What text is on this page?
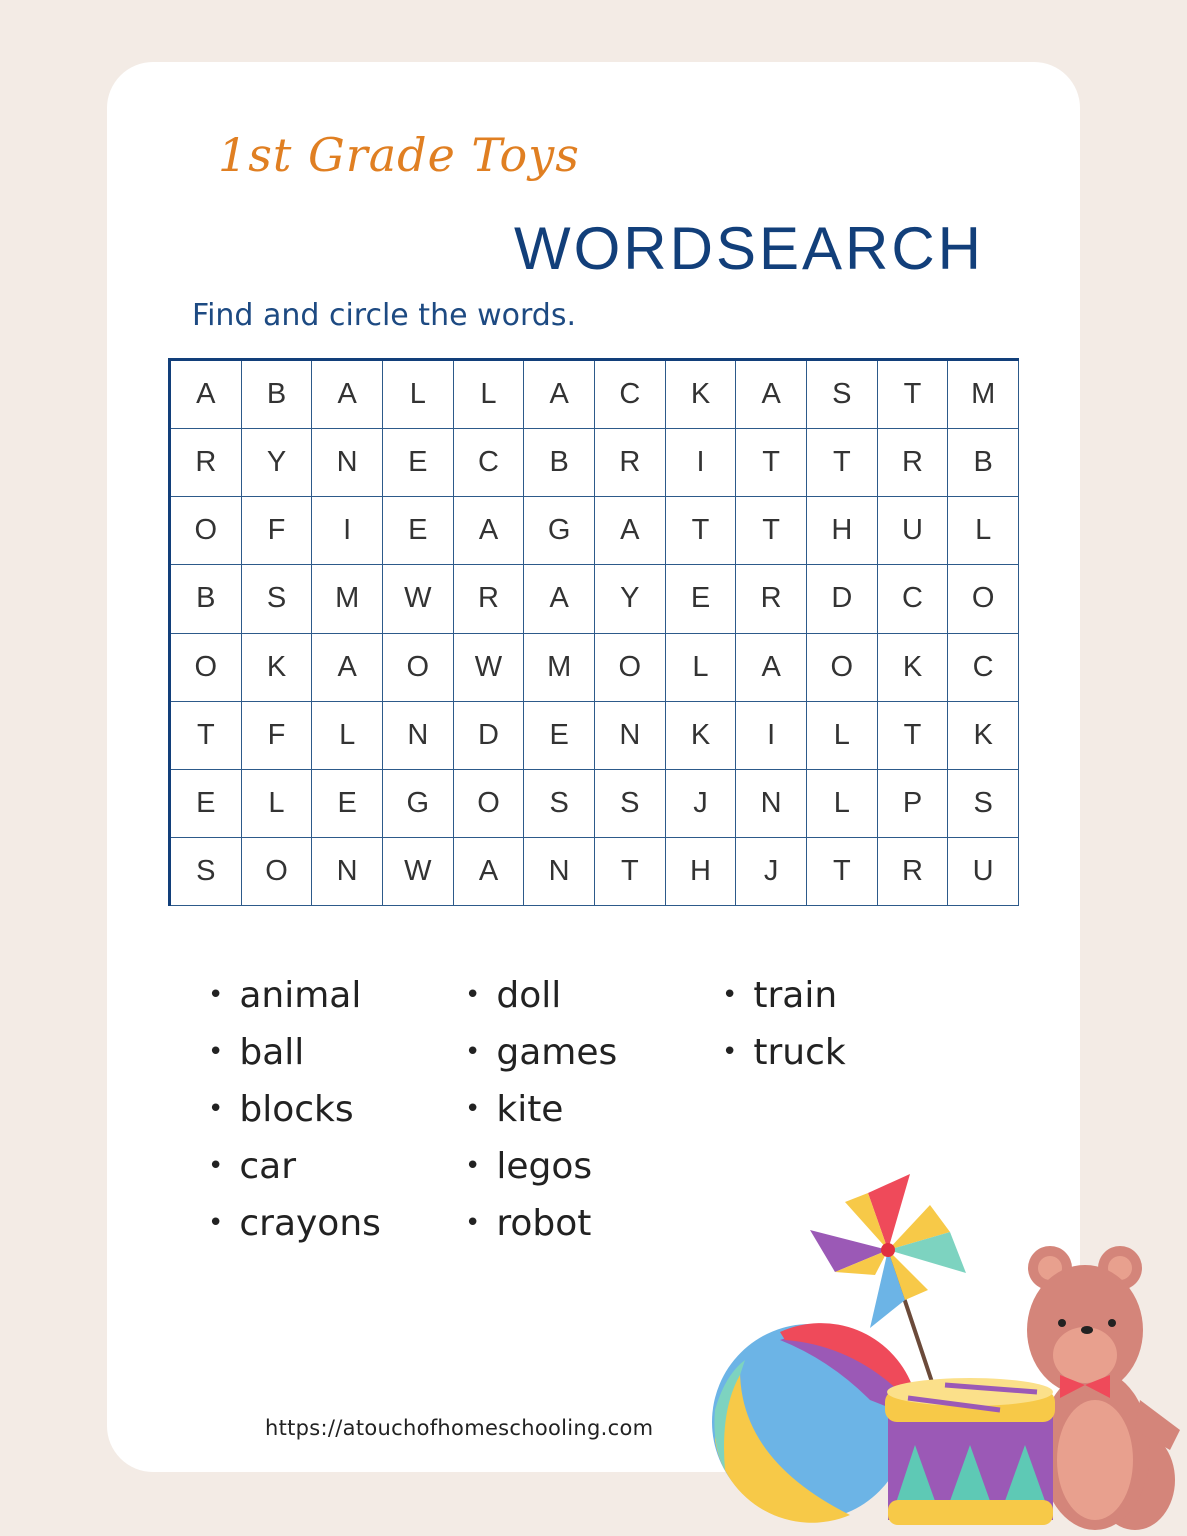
1st Grade Toys
WORDSEARCH
Find and circle the words.
A	B	A	L	L	A	C	K	A	S	T	M
R	Y	N	E	C	B	R	I	T	T	R	B
O	F	I	E	A	G	A	T	T	H	U	L
B	S	M	W	R	A	Y	E	R	D	C	O
O	K	A	O	W	M	O	L	A	O	K	C
T	F	L	N	D	E	N	K	I	L	T	K
E	L	E	G	O	S	S	J	N	L	P	S
S	O	N	W	A	N	T	H	J	T	R	U
• animal
• ball
• blocks
• car
• crayons
• doll
• games
• kite
• legos
• robot
• train
• truck
https://atouchofhomeschooling.com
